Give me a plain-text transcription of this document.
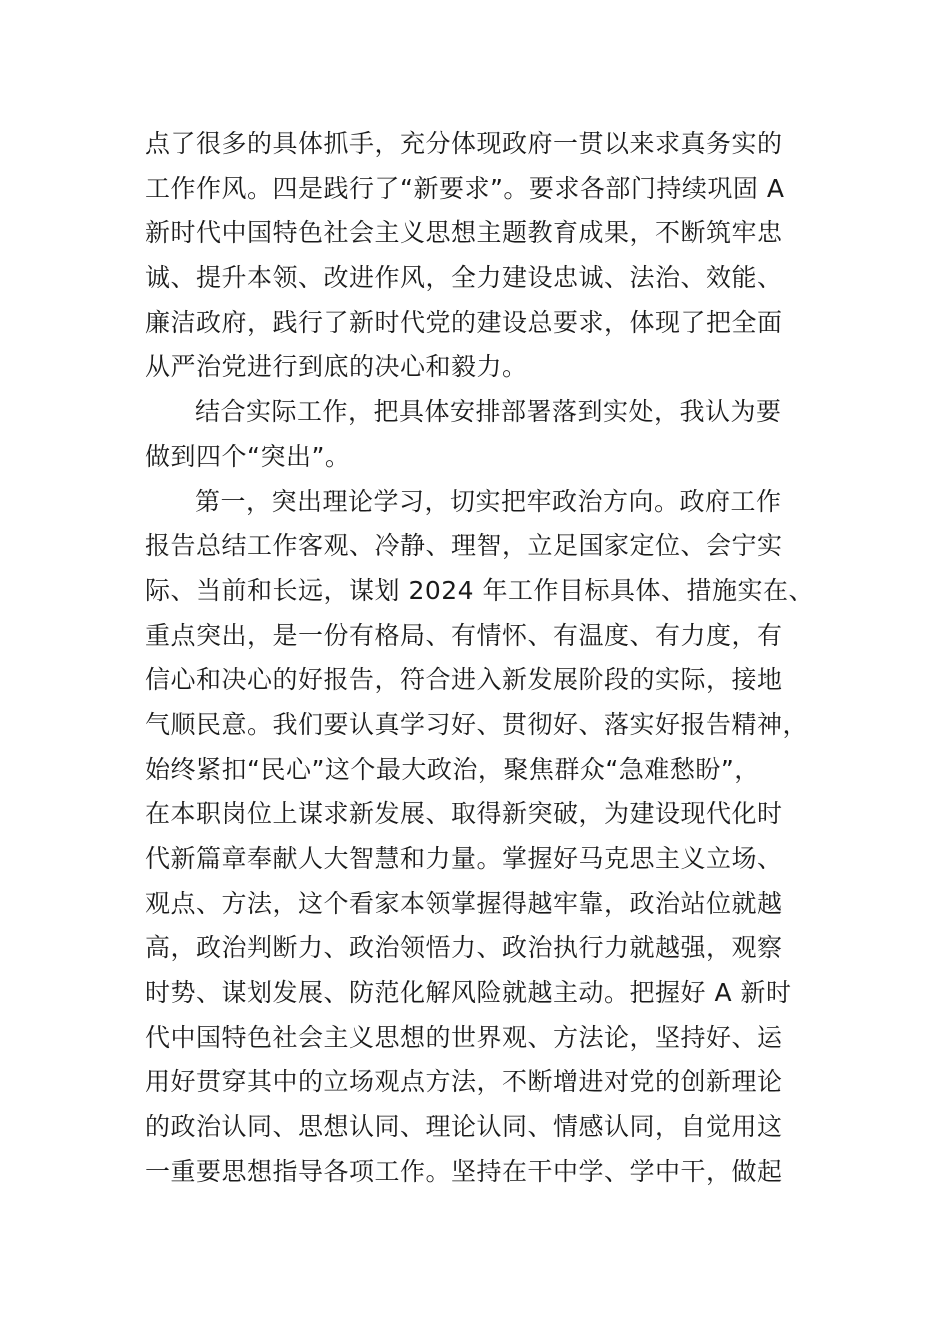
点了很多的具体抓手，充分体现政府一贯以来求真务实的
工作作风。四是践行了“新要求”。要求各部门持续巩固 A
新时代中国特色社会主义思想主题教育成果，不断筑牢忠
诚、提升本领、改进作风，全力建设忠诚、法治、效能、
廉洁政府，践行了新时代党的建设总要求，体现了把全面
从严治党进行到底的决心和毅力。
结合实际工作，把具体安排部署落到实处，我认为要
做到四个“突出”。
第一，突出理论学习，切实把牢政治方向。政府工作
报告总结工作客观、冷静、理智，立足国家定位、会宁实
际、当前和长远，谋划 2024 年工作目标具体、措施实在、
重点突出，是一份有格局、有情怀、有温度、有力度，有
信心和决心的好报告，符合进入新发展阶段的实际，接地
气顺民意。我们要认真学习好、贯彻好、落实好报告精神，
始终紧扣“民心”这个最大政治，聚焦群众“急难愁盼”，
在本职岗位上谋求新发展、取得新突破，为建设现代化时
代新篇章奉献人大智慧和力量。掌握好马克思主义立场、
观点、方法，这个看家本领掌握得越牢靠，政治站位就越
高，政治判断力、政治领悟力、政治执行力就越强，观察
时势、谋划发展、防范化解风险就越主动。把握好 A 新时
代中国特色社会主义思想的世界观、方法论，坚持好、运
用好贯穿其中的立场观点方法，不断增进对党的创新理论
的政治认同、思想认同、理论认同、情感认同，自觉用这
一重要思想指导各项工作。坚持在干中学、学中干，做起
